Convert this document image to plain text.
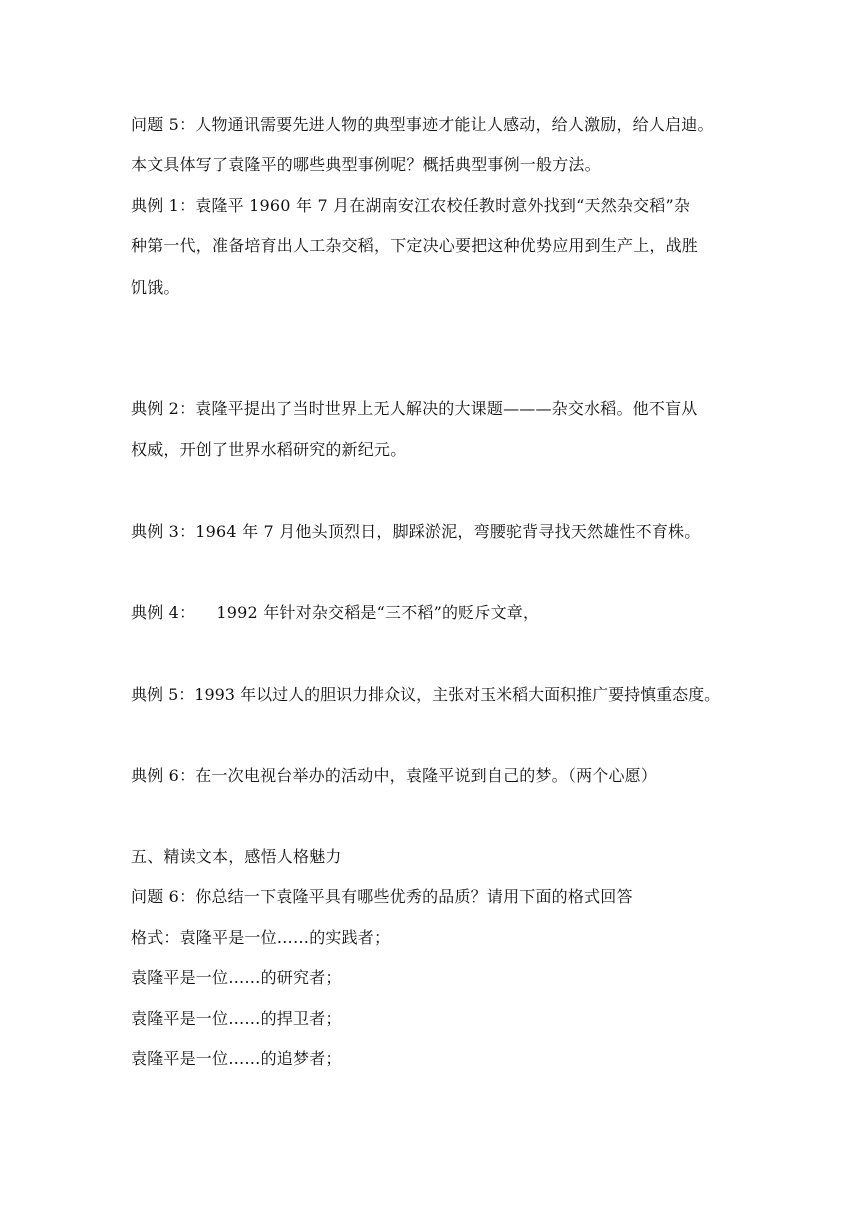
问题 5：人物通讯需要先进人物的典型事迹才能让人感动，给人激励，给人启迪。
本文具体写了袁隆平的哪些典型事例呢？概括典型事例一般方法。
典例 1：袁隆平 1960 年 7 月在湖南安江农校任教时意外找到“天然杂交稻”杂
种第一代，准备培育出人工杂交稻，下定决心要把这种优势应用到生产上，战胜
饥饿。
典例 2：袁隆平提出了当时世界上无人解决的大课题———杂交水稻。他不盲从
权威，开创了世界水稻研究的新纪元。
典例 3：1964 年 7 月他头顶烈日，脚踩淤泥，弯腰驼背寻找天然雄性不育株。
典例 4：    1992 年针对杂交稻是“三不稻”的贬斥文章，
典例 5：1993 年以过人的胆识力排众议，主张对玉米稻大面积推广要持慎重态度。
典例 6：在一次电视台举办的活动中，袁隆平说到自己的梦。（两个心愿）
五、精读文本，感悟人格魅力
问题 6：你总结一下袁隆平具有哪些优秀的品质？请用下面的格式回答
格式：袁隆平是一位……的实践者；
袁隆平是一位……的研究者；
袁隆平是一位……的捍卫者；
袁隆平是一位……的追梦者；
